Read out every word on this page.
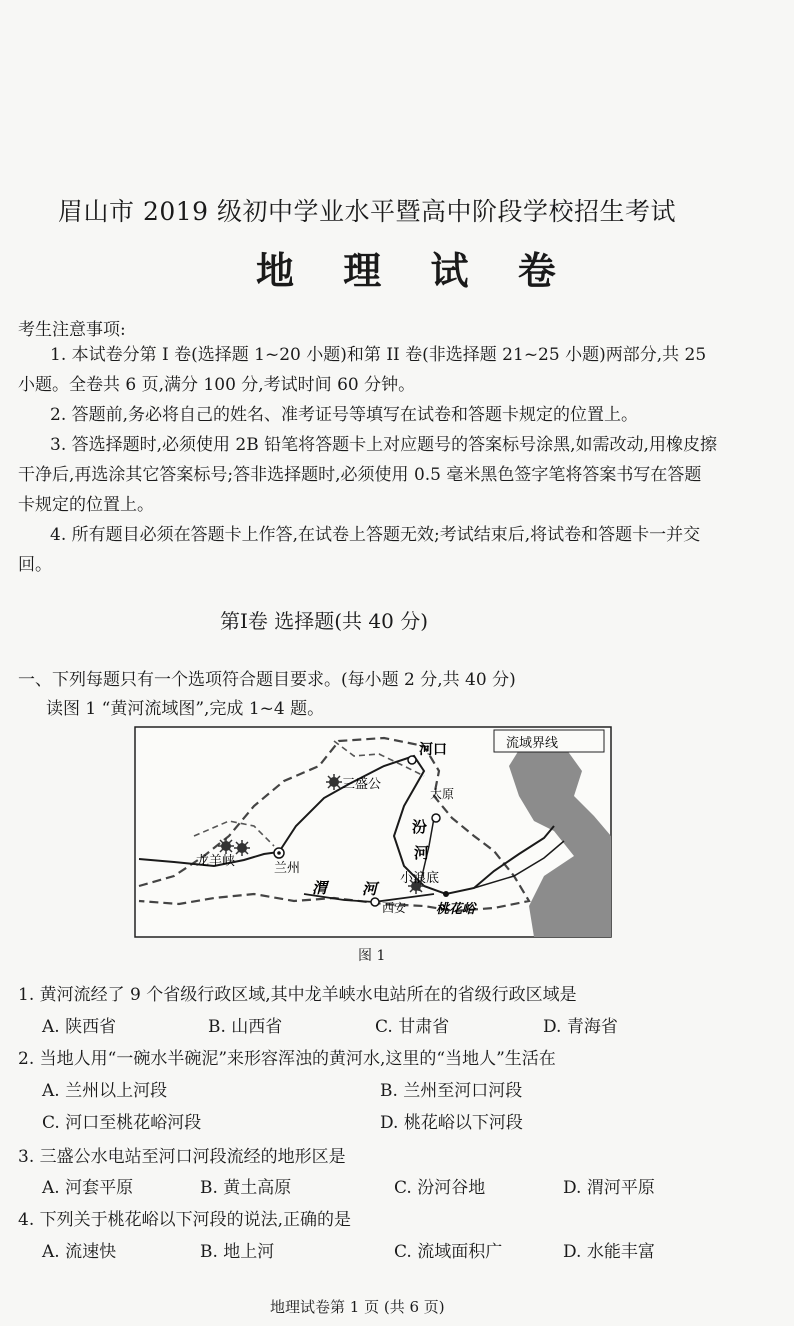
眉山市 2019 级初中学业水平暨高中阶段学校招生考试
地 理 试 卷
考生注意事项:
1. 本试卷分第 I 卷(选择题 1~20 小题)和第 II 卷(非选择题 21~25 小题)两部分,共 25 小题。全卷共 6 页,满分 100 分,考试时间 60 分钟。
2. 答题前,务必将自己的姓名、准考证号等填写在试卷和答题卡规定的位置上。
3. 答选择题时,必须使用 2B 铅笔将答题卡上对应题号的答案标号涂黑,如需改动,用橡皮擦干净后,再选涂其它答案标号;答非选择题时,必须使用 0.5 毫米黑色签字笔将答案书写在答题卡规定的位置上。
4. 所有题目必须在答题卡上作答,在试卷上答题无效;考试结束后,将试卷和答题卡一并交回。
第I卷 选择题(共 40 分)
一、下列每题只有一个选项符合题目要求。(每小题 2 分,共 40 分)
读图 1 “黄河流域图”,完成 1~4 题。
流域界线
河口
三盛公
太原
汾
河
兰州
龙羊峡
小浪底
渭 河
西安 桃花峪
图 1
1. 黄河流经了 9 个省级行政区域,其中龙羊峡水电站所在的省级行政区域是
A. 陕西省	B. 山西省	C. 甘肃省	D. 青海省
2. 当地人用“一碗水半碗泥”来形容浑浊的黄河水,这里的“当地人”生活在
A. 兰州以上河段	B. 兰州至河口河段
C. 河口至桃花峪河段	D. 桃花峪以下河段
3. 三盛公水电站至河口河段流经的地形区是
A. 河套平原	B. 黄土高原	C. 汾河谷地	D. 渭河平原
4. 下列关于桃花峪以下河段的说法,正确的是
A. 流速快	B. 地上河	C. 流域面积广	D. 水能丰富
地理试卷第 1 页 (共 6 页)
